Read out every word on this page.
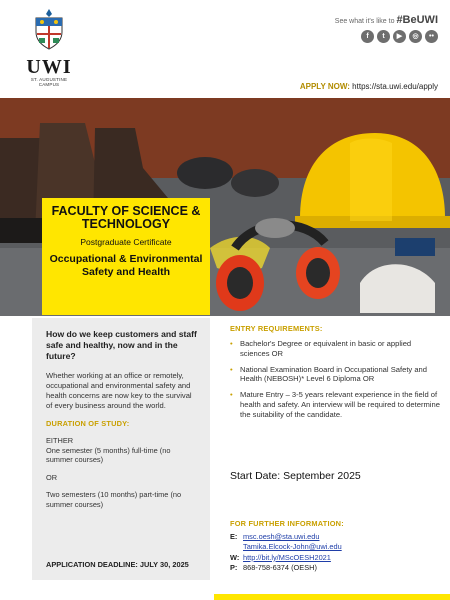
UWI
ST. AUGUSTINE CAMPUS
See what it's like to #BeUWI
f	t	▶	◎	••
APPLY NOW: https://sta.uwi.edu/apply
FACULTY OF SCIENCE & TECHNOLOGY
Postgraduate Certificate
Occupational & Environmental Safety and Health
How do we keep customers and staff safe and healthy, now and in the future?
Whether working at an office or remotely, occupational and environmental safety and health concerns are now key to the survival of every business around the world.
DURATION OF STUDY:
EITHER
One semester (5 months) full-time (no summer courses)
OR
Two semesters (10 months) part-time (no summer courses)
APPLICATION DEADLINE: JULY 30, 2025
ENTRY REQUIREMENTS:
• Bachelor's Degree or equivalent in basic or applied sciences OR
• National Examination Board in Occupational Safety and Health (NEBOSH)* Level 6 Diploma OR
• Mature Entry – 3-5 years relevant experience in the field of health and safety. An interview will be required to determine the suitability of the candidate.
Start Date: September 2025
FOR FURTHER INFORMATION:
E: msc.oesh@sta.uwi.edu
Tamika.Elcock-John@uwi.edu
W: http://bit.ly/MScOESH2021
P: 868-758-6374 (OESH)
